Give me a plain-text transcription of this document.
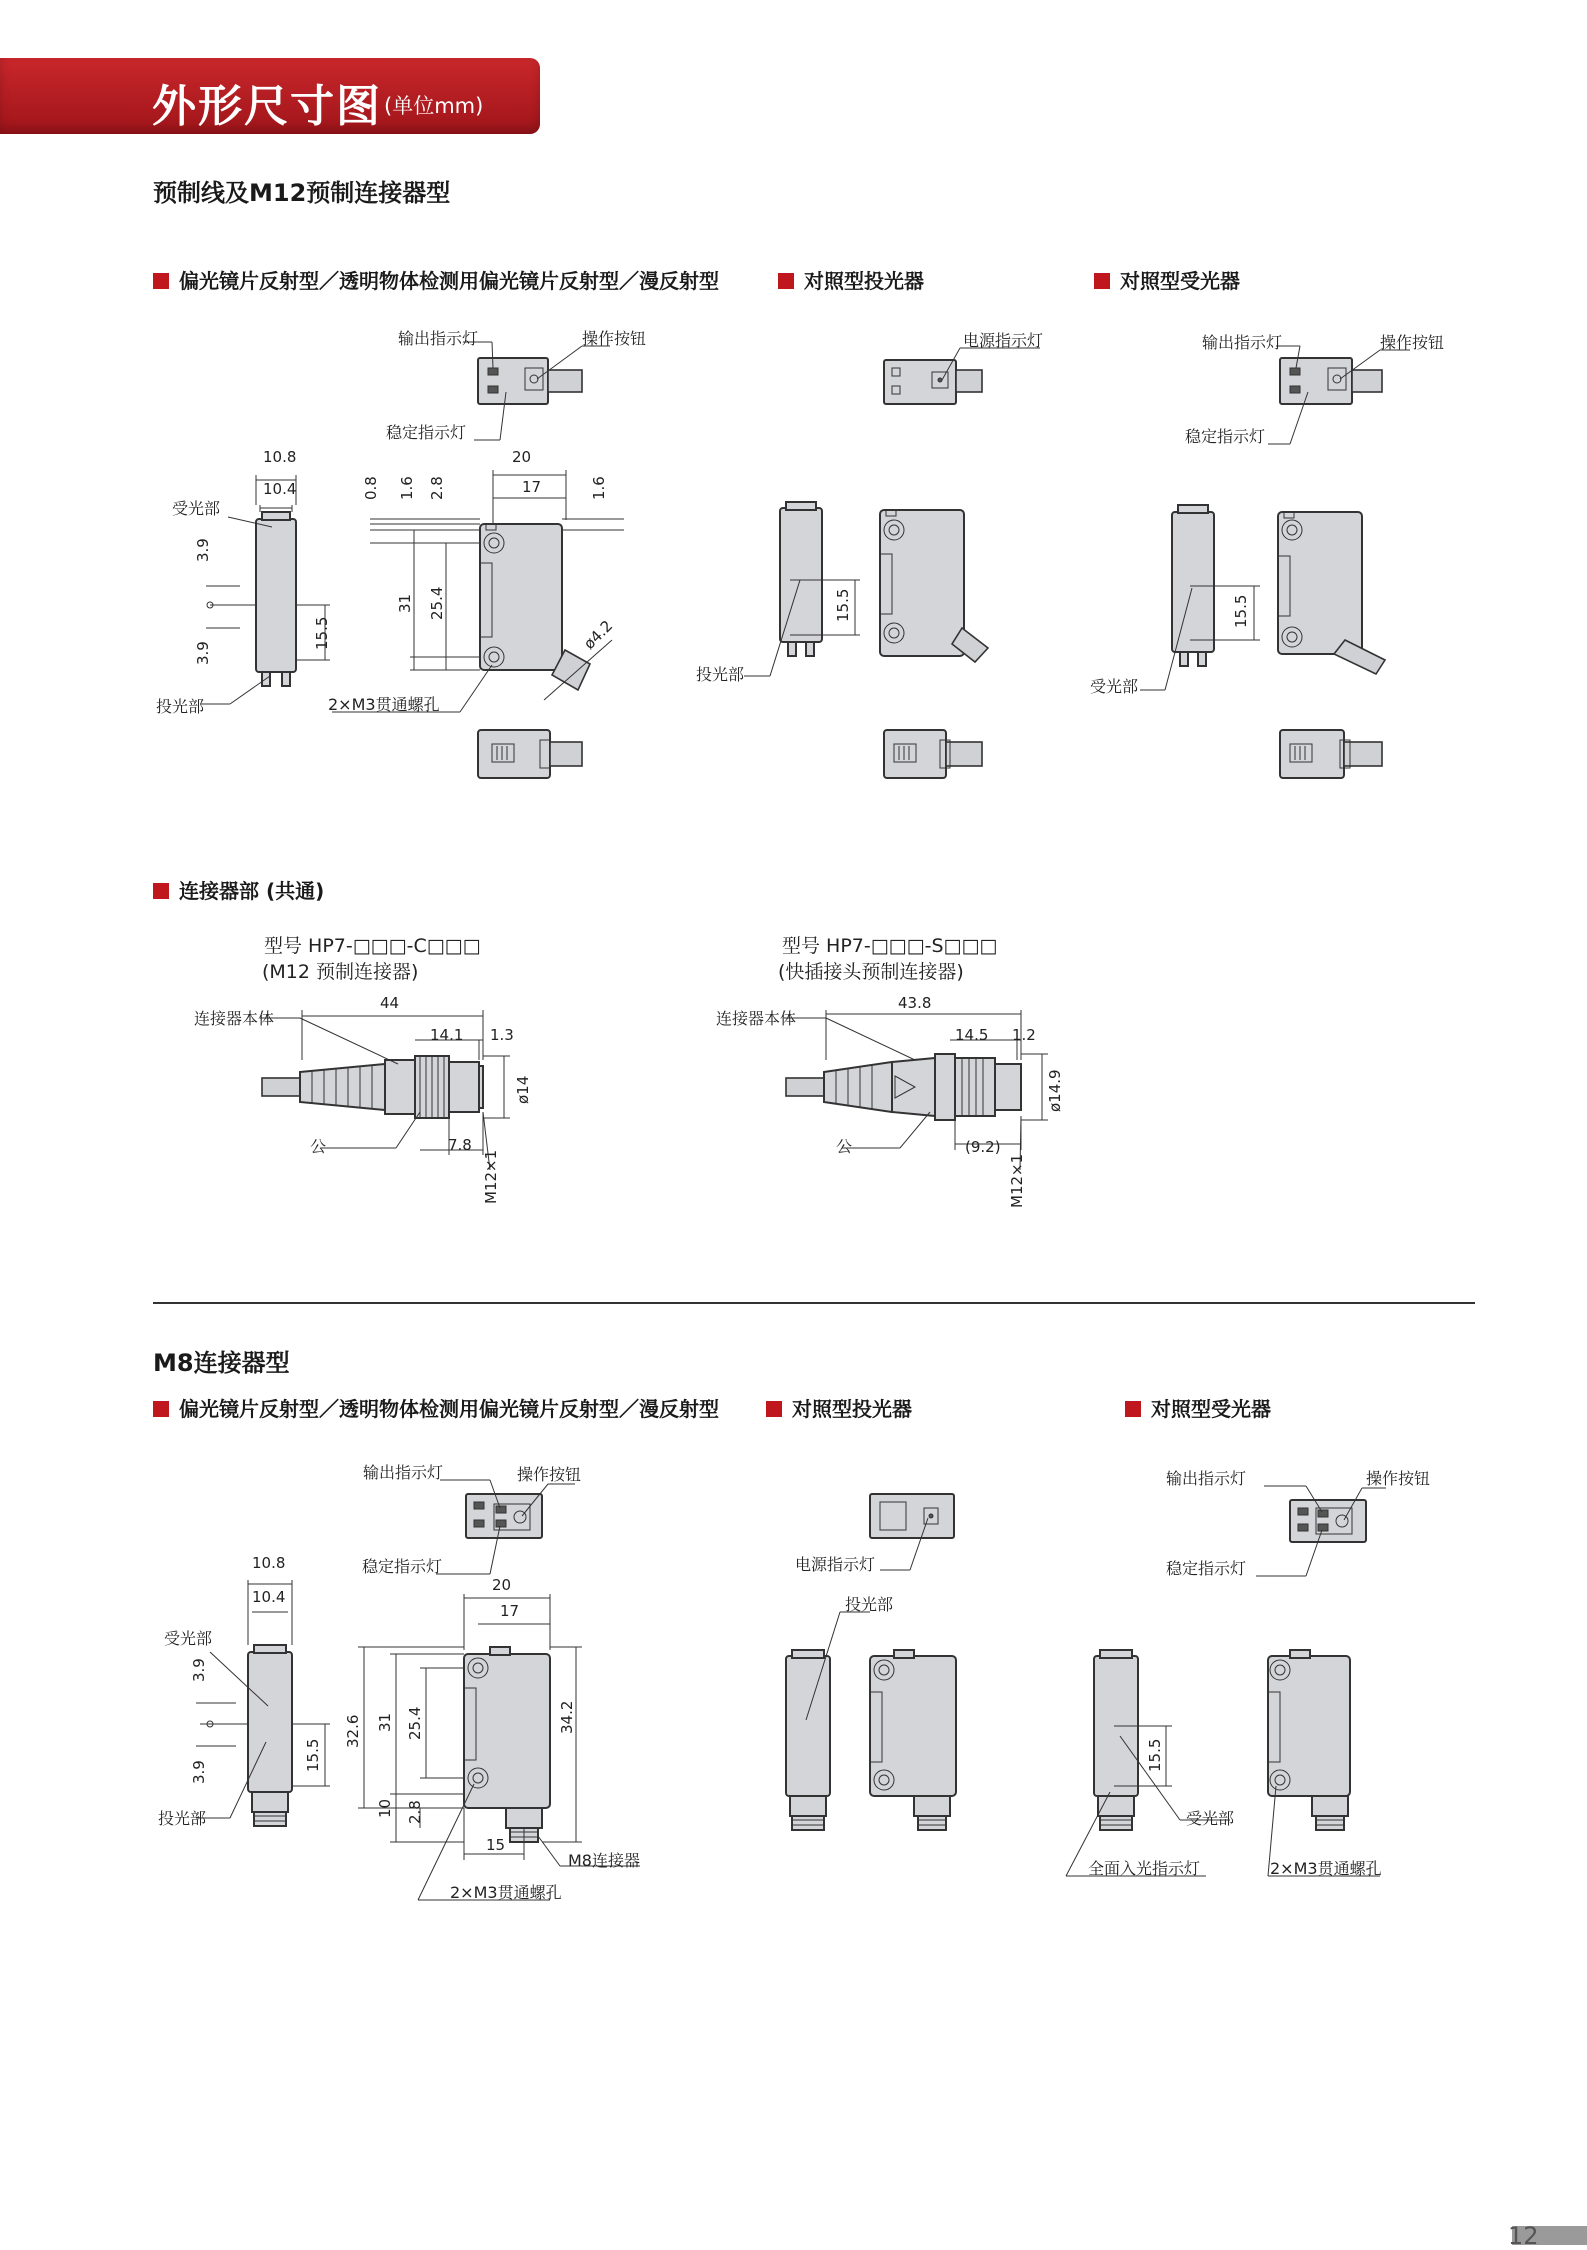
外形尺寸图 (单位mm)
预制线及M12预制连接器型
偏光镜片反射型／透明物体检测用偏光镜片反射型／漫反射型	对照型投光器	对照型受光器
连接器部 (共通)
M8连接器型
偏光镜片反射型／透明物体检测用偏光镜片反射型／漫反射型	对照型投光器	对照型受光器
输出指示灯	操作按钮
稳定指示灯
受光部
投光部
10.8
10.4
3.9
3.9
15.5
20
17
0.8 1.6 2.8	1.6
31 25.4
ø4.2
2×M3贯通螺孔
电源指示灯
15.5
投光部
输出指示灯	操作按钮
稳定指示灯
15.5
受光部
型号 HP7-□□□-C□□□
(M12 预制连接器)
型号 HP7-□□□-S□□□
(快插接头预制连接器)
连接器本体
公
44
14.1 1.3
ø14
7.8
M12×1
连接器本体
公
43.8
14.5 1.2
ø14.9
(9.2)
M12×1
输出指示灯	操作按钮
稳定指示灯
受光部
投光部
10.8
10.4
3.9
3.9
15.5
20
17
32.6 31 25.4	34.2
10 2.8
15
M8连接器
2×M3贯通螺孔
电源指示灯
投光部
输出指示灯	操作按钮
稳定指示灯
15.5
受光部
全面入光指示灯	2×M3贯通螺孔
12
